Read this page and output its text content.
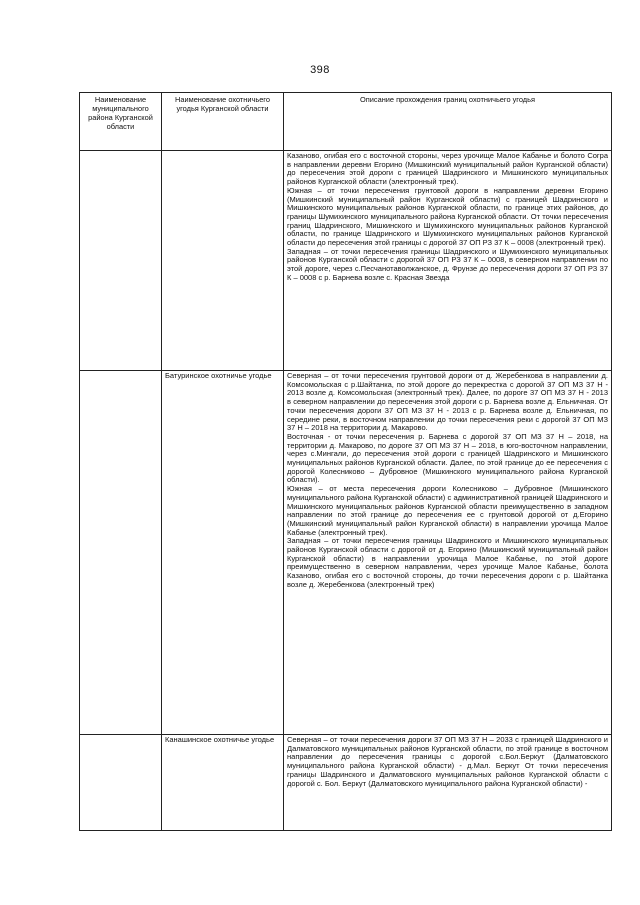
398
Наименование муниципального района Курганской области	Наименование охотничьего угодья Курганской области	Описание прохождения границ охотничьего угодья

		Казаново, огибая его с восточной стороны, через урочище Малое Кабанье и болото Согра в направлении деревни Егорино (Мишкинский муниципальный район Курганской области) до пересечения этой дороги с границей Шадринского и Мишкинского муниципальных районов Курганской области (электронный трек).

Южная – от точки пересечения грунтовой дороги в направлении деревни Егорино (Мишкинский муниципальный район Курганской области) с границей Шадринского и Мишкинского муниципальных районов Курганской области, по границе этих районов, до границы Шумихинского муниципального района Курганской области. От точки пересечения границ Шадринского, Мишкинского и Шумихинского муниципальных районов Курганской области, по границе Шадринского и Шумихинского муниципальных районов Курганской области до пересечения этой границы с дорогой 37 ОП РЗ 37 К – 0008 (электронный трек).

Западная – от точки пересечения границы Шадринского и Шумихинского муниципальных районов Курганской области с дорогой 37 ОП РЗ 37 К – 0008, в северном направлении по этой дороге, через с.Песчанотаволжанское, д. Фрунзе до пересечения дороги 37 ОП РЗ 37 К – 0008 с р. Барнева возле с. Красная Звезда

	Батуринское охотничье угодье	Северная – от точки пересечения грунтовой дороги от д. Жеребенкова в направлении д. Комсомольская с р.Шайтанка, по этой дороге до перекрестка с дорогой 37 ОП МЗ 37 Н - 2013 возле д. Комсомольская (электронный трек). Далее, по дороге 37 ОП МЗ 37 Н - 2013 в северном направлении до пересечения этой дороги с р. Барнева возле д. Ельничная. От точки пересечения дороги 37 ОП МЗ 37 Н - 2013 с р. Барнева возле д. Ельничная, по середине реки, в восточном направлении до точки пересечения реки с дорогой 37 ОП МЗ 37 Н – 2018 на территории д. Макарово.

Восточная - от точки пересечения р. Барнева с дорогой 37 ОП МЗ 37 Н – 2018, на территории д. Макарово, по дороге 37 ОП МЗ 37 Н – 2018, в юго-восточном направлении, через с.Мингали, до пересечения этой дороги с границей Шадринского и Мишкинского муниципальных районов Курганской области. Далее, по этой границе до ее пересечения с дорогой Колесниково – Дубровное (Мишкинского муниципального района Курганской области).

Южная – от места пересечения дороги Колесниково – Дубровное (Мишкинского муниципального района Курганской области) с административной границей Шадринского и Мишкинского муниципальных районов Курганской области преимущественно в западном направлении по этой границе до пересечения ее с грунтовой дорогой от д.Егорино (Мишкинский муниципальный район Курганской области) в направлении урочища Малое Кабанье (электронный трек).

Западная – от точки пересечения границы Шадринского и Мишкинского муниципальных районов Курганской области с дорогой от д. Егорино (Мишкинский муниципальный район Курганской области) в направлении урочища Малое Кабанье, по этой дороге преимущественно в северном направлении, через урочище Малое Кабанье, болота Казаново, огибая его с восточной стороны, до точки пересечения дороги с р. Шайтанка возле д. Жеребенкова (электронный трек)

	Канашинское охотничье угодье	Северная – от точки пересечения дороги 37 ОП МЗ 37 Н – 2033 с границей Шадринского и Далматовского муниципальных районов Курганской области, по этой границе в восточном направлении до пересечения границы с дорогой с.Бол.Беркут (Далматовского муниципального района Курганской области) - д.Мал. Беркут От точки пересечения границы Шадринского и Далматовского муниципальных районов Курганской области с дорогой с. Бол. Беркут (Далматовского муниципального района Курганской области) -
